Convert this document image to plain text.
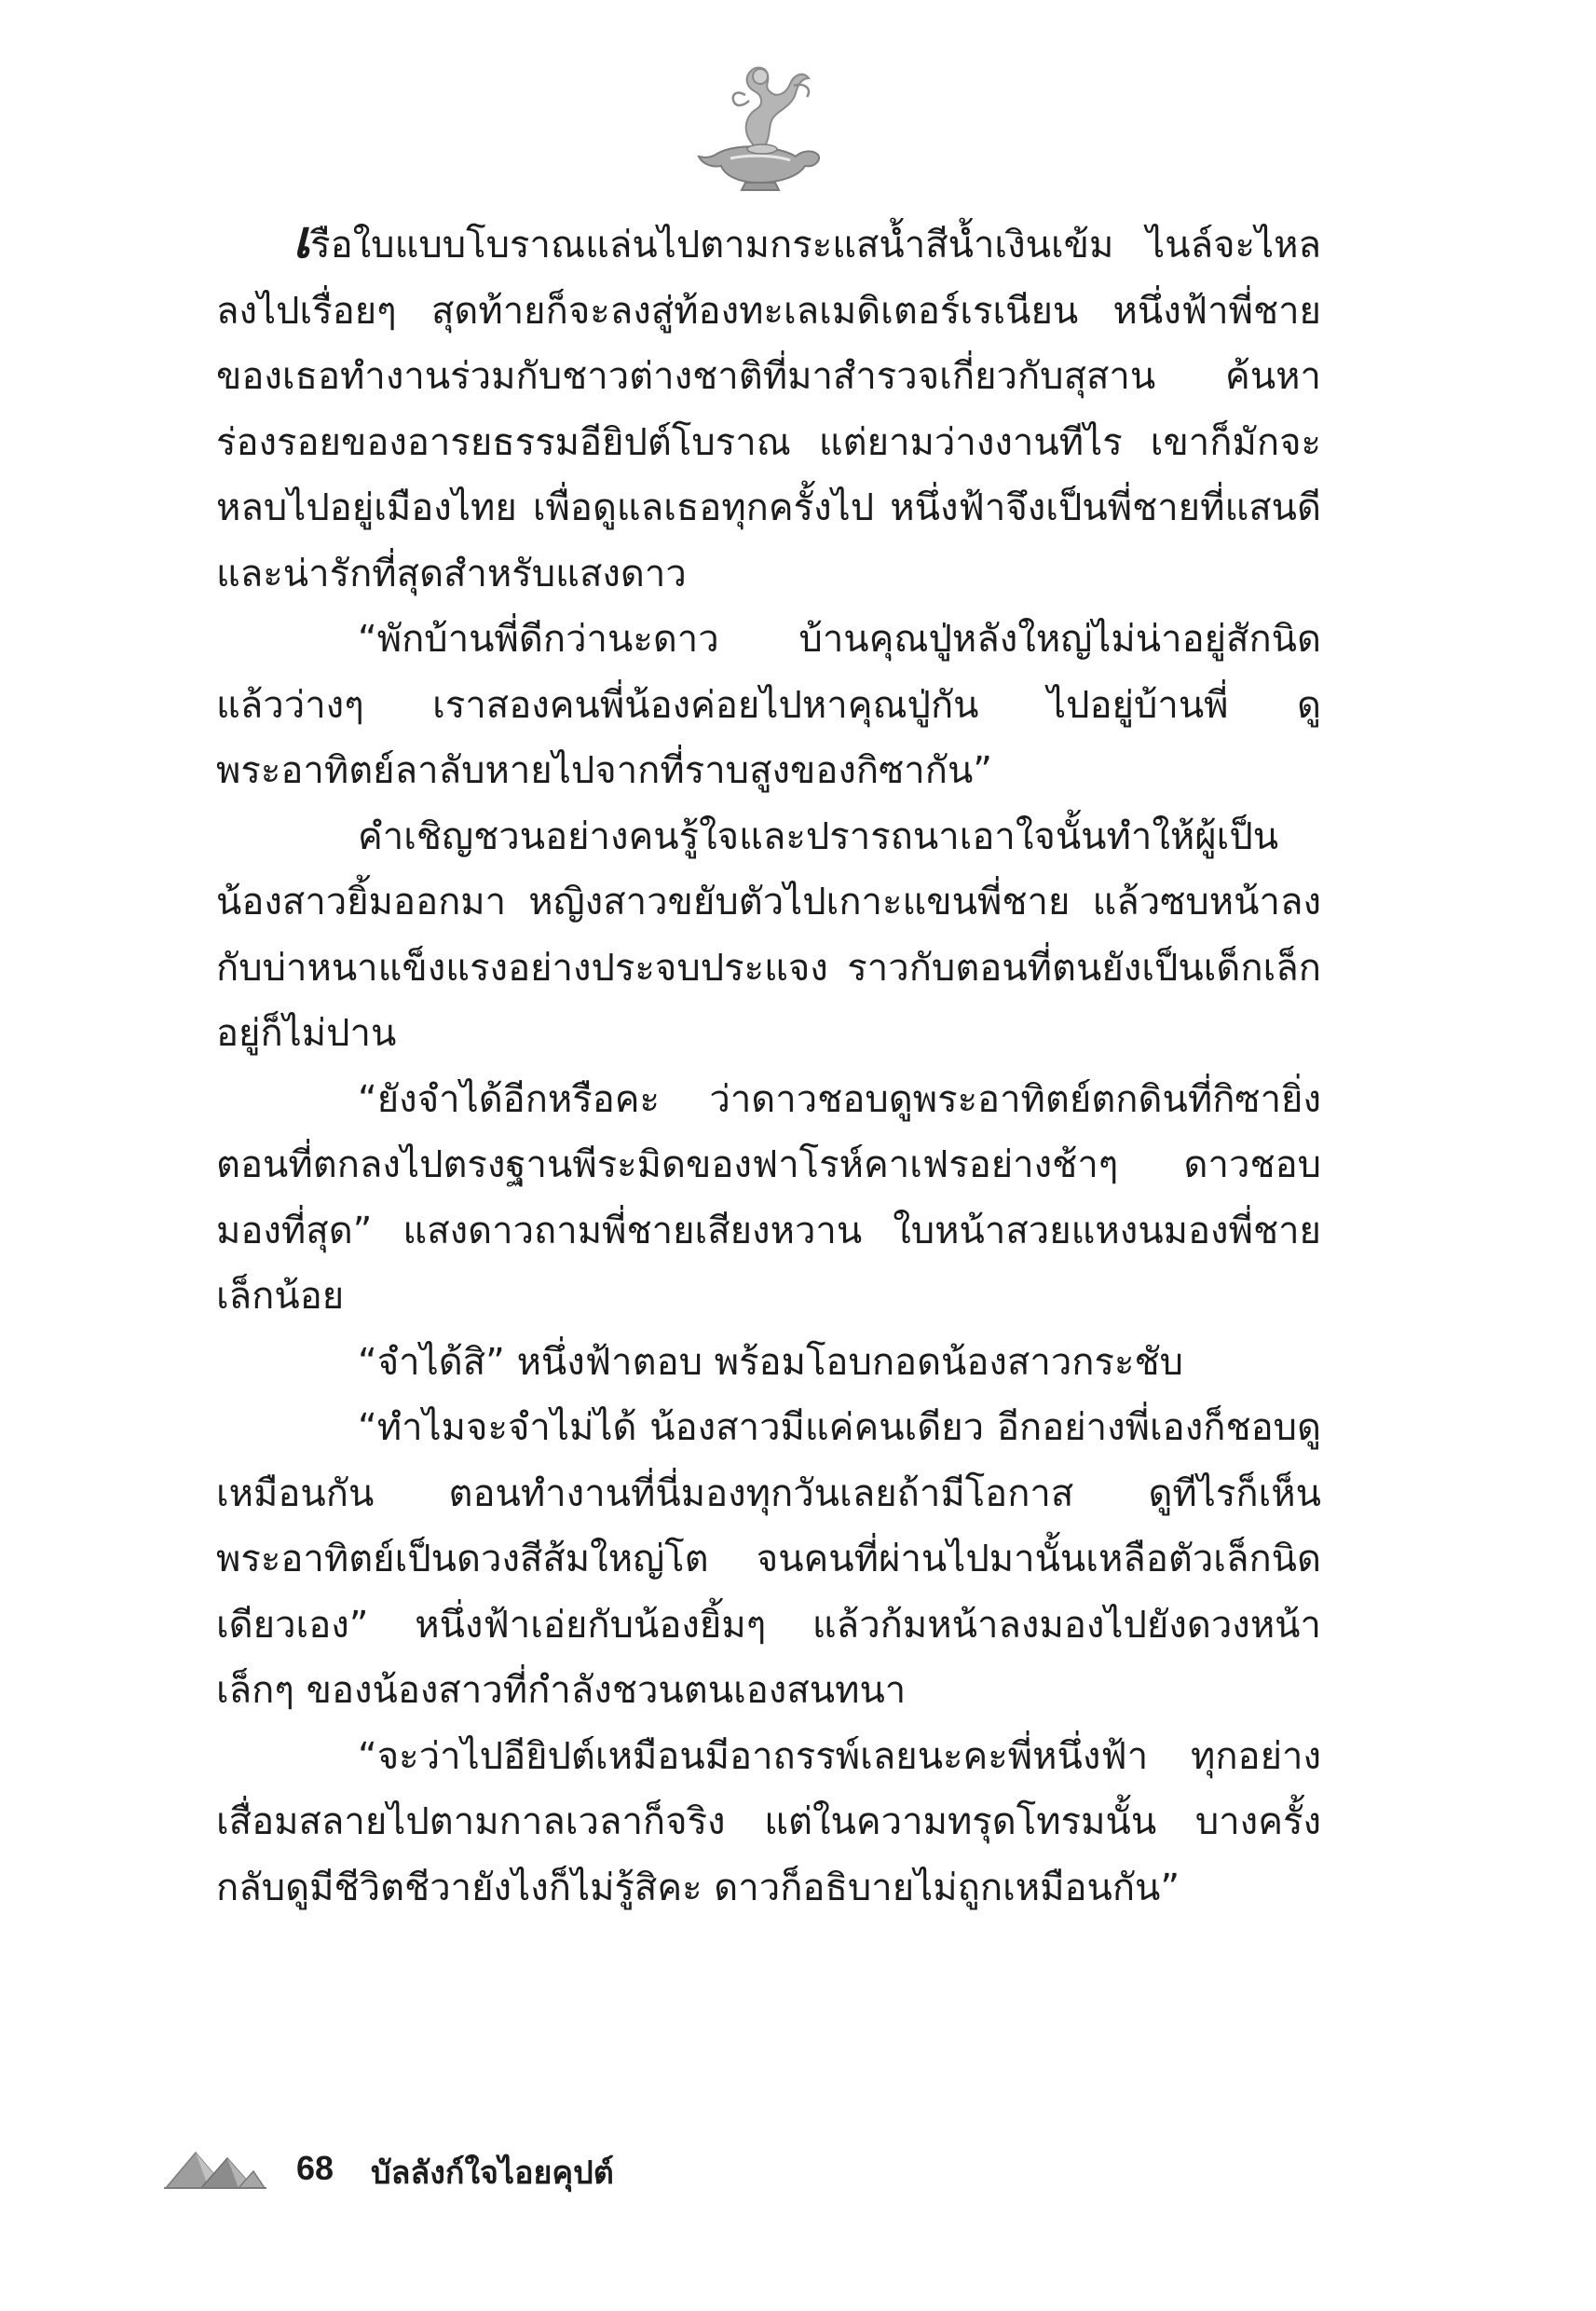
เรือใบแบบโบราณแล่นไปตามกระแสน้ำสีน้ำเงินเข้ม ไนล์จะไหลลงไปเรื่อยๆ สุดท้ายก็จะลงสู่ท้องทะเลเมดิเตอร์เรเนียน หนึ่งฟ้าพี่ชายของเธอทำงานร่วมกับชาวต่างชาติที่มาสำรวจเกี่ยวกับสุสาน ค้นหาร่องรอยของอารยธรรมอียิปต์โบราณ แต่ยามว่างงานทีไร เขาก็มักจะหลบไปอยู่เมืองไทย เพื่อดูแลเธอทุกครั้งไป หนึ่งฟ้าจึงเป็นพี่ชายที่แสนดีและน่ารักที่สุดสำหรับแสงดาว

“พักบ้านพี่ดีกว่านะดาว บ้านคุณปู่หลังใหญ่ไม่น่าอยู่สักนิด แล้วว่างๆ เราสองคนพี่น้องค่อยไปหาคุณปู่กัน ไปอยู่บ้านพี่ ดูพระอาทิตย์ลาลับหายไปจากที่ราบสูงของกิซากัน”

คำเชิญชวนอย่างคนรู้ใจและปรารถนาเอาใจนั้นทำให้ผู้เป็นน้องสาวยิ้มออกมา หญิงสาวขยับตัวไปเกาะแขนพี่ชาย แล้วซบหน้าลงกับบ่าหนาแข็งแรงอย่างประจบประแจง ราวกับตอนที่ตนยังเป็นเด็กเล็กอยู่ก็ไม่ปาน

“ยังจำได้อีกหรือคะ ว่าดาวชอบดูพระอาทิตย์ตกดินที่กิซายิ่งตอนที่ตกลงไปตรงฐานพีระมิดของฟาโรห์คาเฟรอย่างช้าๆ ดาวชอบมองที่สุด” แสงดาวถามพี่ชายเสียงหวาน ใบหน้าสวยแหงนมองพี่ชายเล็กน้อย

“จำได้สิ” หนึ่งฟ้าตอบ พร้อมโอบกอดน้องสาวกระชับ

“ทำไมจะจำไม่ได้ น้องสาวมีแค่คนเดียว อีกอย่างพี่เองก็ชอบดูเหมือนกัน ตอนทำงานที่นี่มองทุกวันเลยถ้ามีโอกาส ดูทีไรก็เห็นพระอาทิตย์เป็นดวงสีส้มใหญ่โต จนคนที่ผ่านไปมานั้นเหลือตัวเล็กนิดเดียวเอง” หนึ่งฟ้าเอ่ยกับน้องยิ้มๆ แล้วก้มหน้าลงมองไปยังดวงหน้าเล็กๆ ของน้องสาวที่กำลังชวนตนเองสนทนา

“จะว่าไปอียิปต์เหมือนมีอาถรรพ์เลยนะคะพี่หนึ่งฟ้า ทุกอย่างเสื่อมสลายไปตามกาลเวลาก็จริง แต่ในความทรุดโทรมนั้น บางครั้งกลับดูมีชีวิตชีวายังไงก็ไม่รู้สิคะ ดาวก็อธิบายไม่ถูกเหมือนกัน”

68 บัลลังก์ใจไอยคุปต์
